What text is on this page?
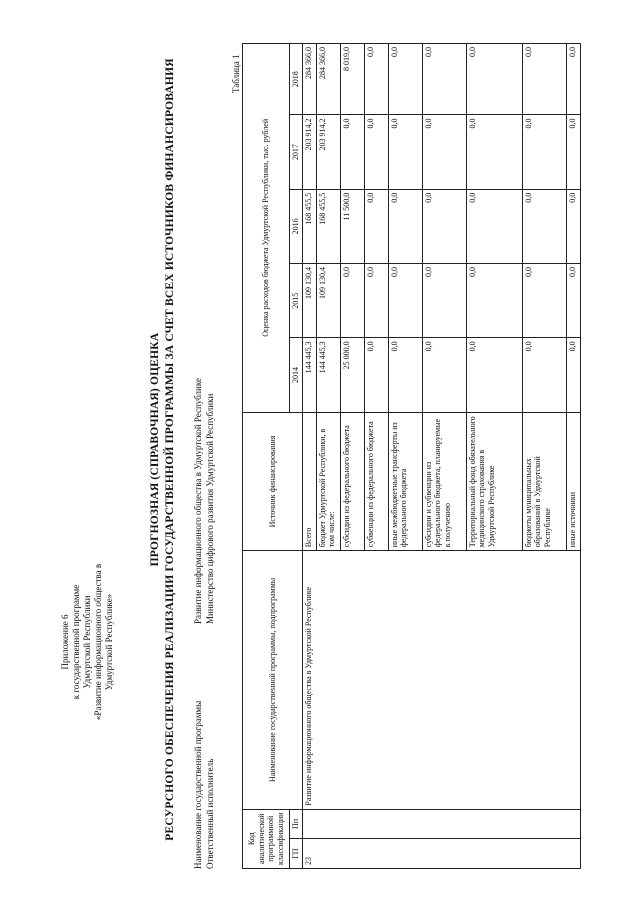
Приложение 6 к государственной программе Удмуртской Республики «Развитие информационного общества в Удмуртской Республике»
ПРОГНОЗНАЯ (СПРАВОЧНАЯ) ОЦЕНКА РЕСУРСНОГО ОБЕСПЕЧЕНИЯ РЕАЛИЗАЦИИ ГОСУДАРСТВЕННОЙ ПРОГРАММЫ ЗА СЧЕТ ВСЕХ ИСТОЧНИКОВ ФИНАНСИРОВАНИЯ Наименование государственной программы
Развитие информационного общества в Удмуртской Республике
Ответственный исполнитель
Министерство цифрового развития Удмуртской Республики
Таблица 1
Код аналитической программной классификации		Наименование государственной программы, подпрограммы	Источник финансирования	Оценка расходов бюджета Удмуртской Республики, тыс. рублей				
ГП	Пп			2014	2015	2016	2017	2018
23		Развитие информационного общества в Удмуртской Республике	Всего	144 445,3	109 130,4	168 455,5	203 914,2	284 366,0
			бюджет Удмуртской Республики, в том числе:	144 445,3	109 130,4	168 455,5	203 914,2	284 366,0
			субсидии из федерального бюджета	25 000,0	0,0	11 500,0	0,0	8 019,0
			субвенции из федерального бюджета	0,0	0,0	0,0	0,0	0,0
			иные межбюджетные трансферты из федерального бюджета	0,0	0,0	0,0	0,0	0,0
			субсидии и субвенции из федерального бюджета, планируемые к получению	0,0	0,0	0,0	0,0	0,0
			Территориальный фонд обязательного медицинского страхования в Удмуртской Республике	0,0	0,0	0,0	0,0	0,0
			бюджеты муниципальных образований в Удмуртской Республике	0,0	0,0	0,0	0,0	0,0
			иные источники	0,0	0,0	0,0	0,0	0,0
